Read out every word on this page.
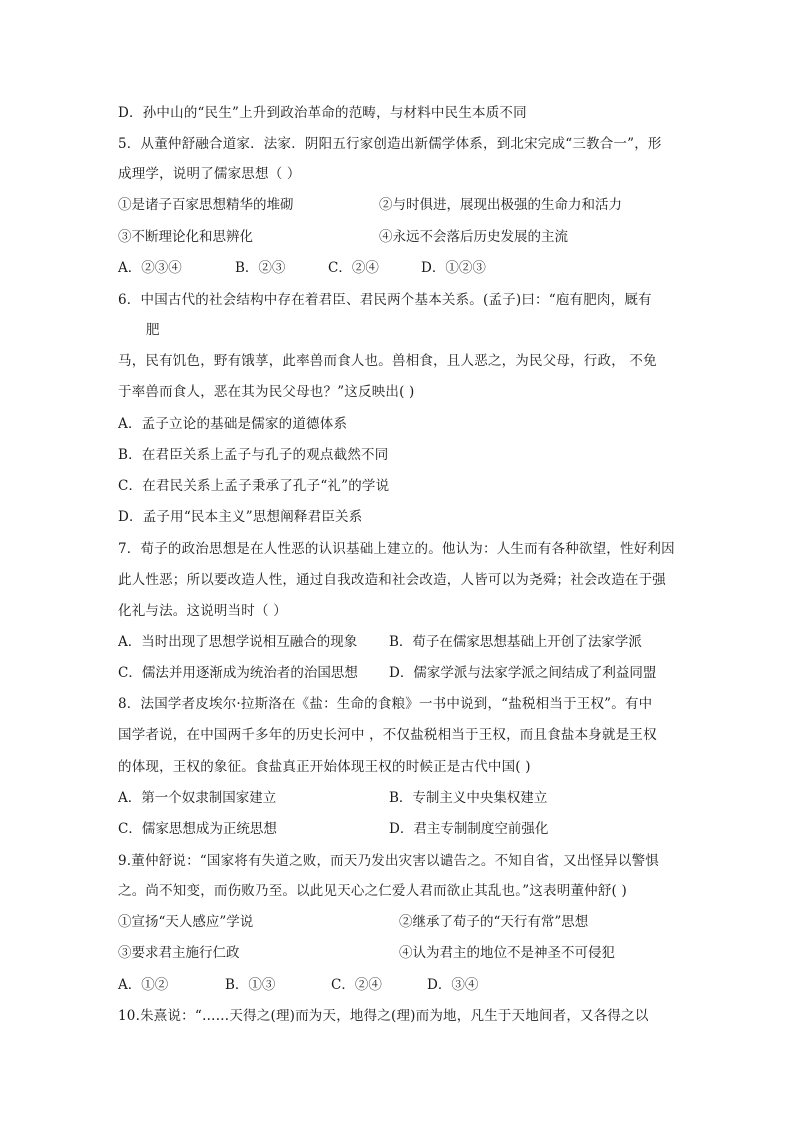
D．孙中山的“民生”上升到政治革命的范畴，与材料中民生本质不同
5．从董仲舒融合道家．法家．阴阳五行家创造出新儒学体系，到北宋完成“三教合一”，形
成理学，说明了儒家思想（ ）
①是诸子百家思想精华的堆砌	②与时俱进，展现出极强的生命力和活力
③不断理论化和思辨化	④永远不会落后历史发展的主流
A．②③④	B．②③	C．②④	D．①②③
6．中国古代的社会结构中存在着君臣、君民两个基本关系。(孟子)曰：“庖有肥肉，厩有
肥
马，民有饥色，野有饿莩，此率兽而食人也。兽相食，且人恶之，为民父母，行政， 不免
于率兽而食人，恶在其为民父母也？”这反映出( )
A．孟子立论的基础是儒家的道德体系
B．在君臣关系上孟子与孔子的观点截然不同
C．在君民关系上孟子秉承了孔子“礼”的学说
D．孟子用“民本主义”思想阐释君臣关系
7．荀子的政治思想是在人性恶的认识基础上建立的。他认为：人生而有各种欲望，性好利因
此人性恶；所以要改造人性，通过自我改造和社会改造，人皆可以为尧舜；社会改造在于强
化礼与法。这说明当时（ ）
A．当时出现了思想学说相互融合的现象 B．荀子在儒家思想基础上开创了法家学派
C．儒法并用逐渐成为统治者的治国思想 D．儒家学派与法家学派之间结成了利益同盟
8．法国学者皮埃尔·拉斯洛在《盐：生命的食粮》一书中说到，“盐税相当于王权”。有中
国学者说，在中国两千多年的历史长河中 ，不仅盐税相当于王权，而且食盐本身就是王权
的体现，王权的象征。食盐真正开始体现王权的时候正是古代中国( )
A．第一个奴隶制国家建立	B．专制主义中央集权建立
C．儒家思想成为正统思想	D．君主专制制度空前强化
9.董仲舒说：“国家将有失道之败，而天乃发出灾害以谴告之。不知自省，又出怪异以警惧
之。尚不知变，而伤败乃至。以此见天心之仁爱人君而欲止其乱也。”这表明董仲舒( )
①宣扬“天人感应”学说	②继承了荀子的“天行有常”思想
③要求君主施行仁政	④认为君主的地位不是神圣不可侵犯
A．①②	B．①③	C．②④	D．③④
10.朱熹说：“……天得之(理)而为天，地得之(理)而为地，凡生于天地间者，又各得之以
